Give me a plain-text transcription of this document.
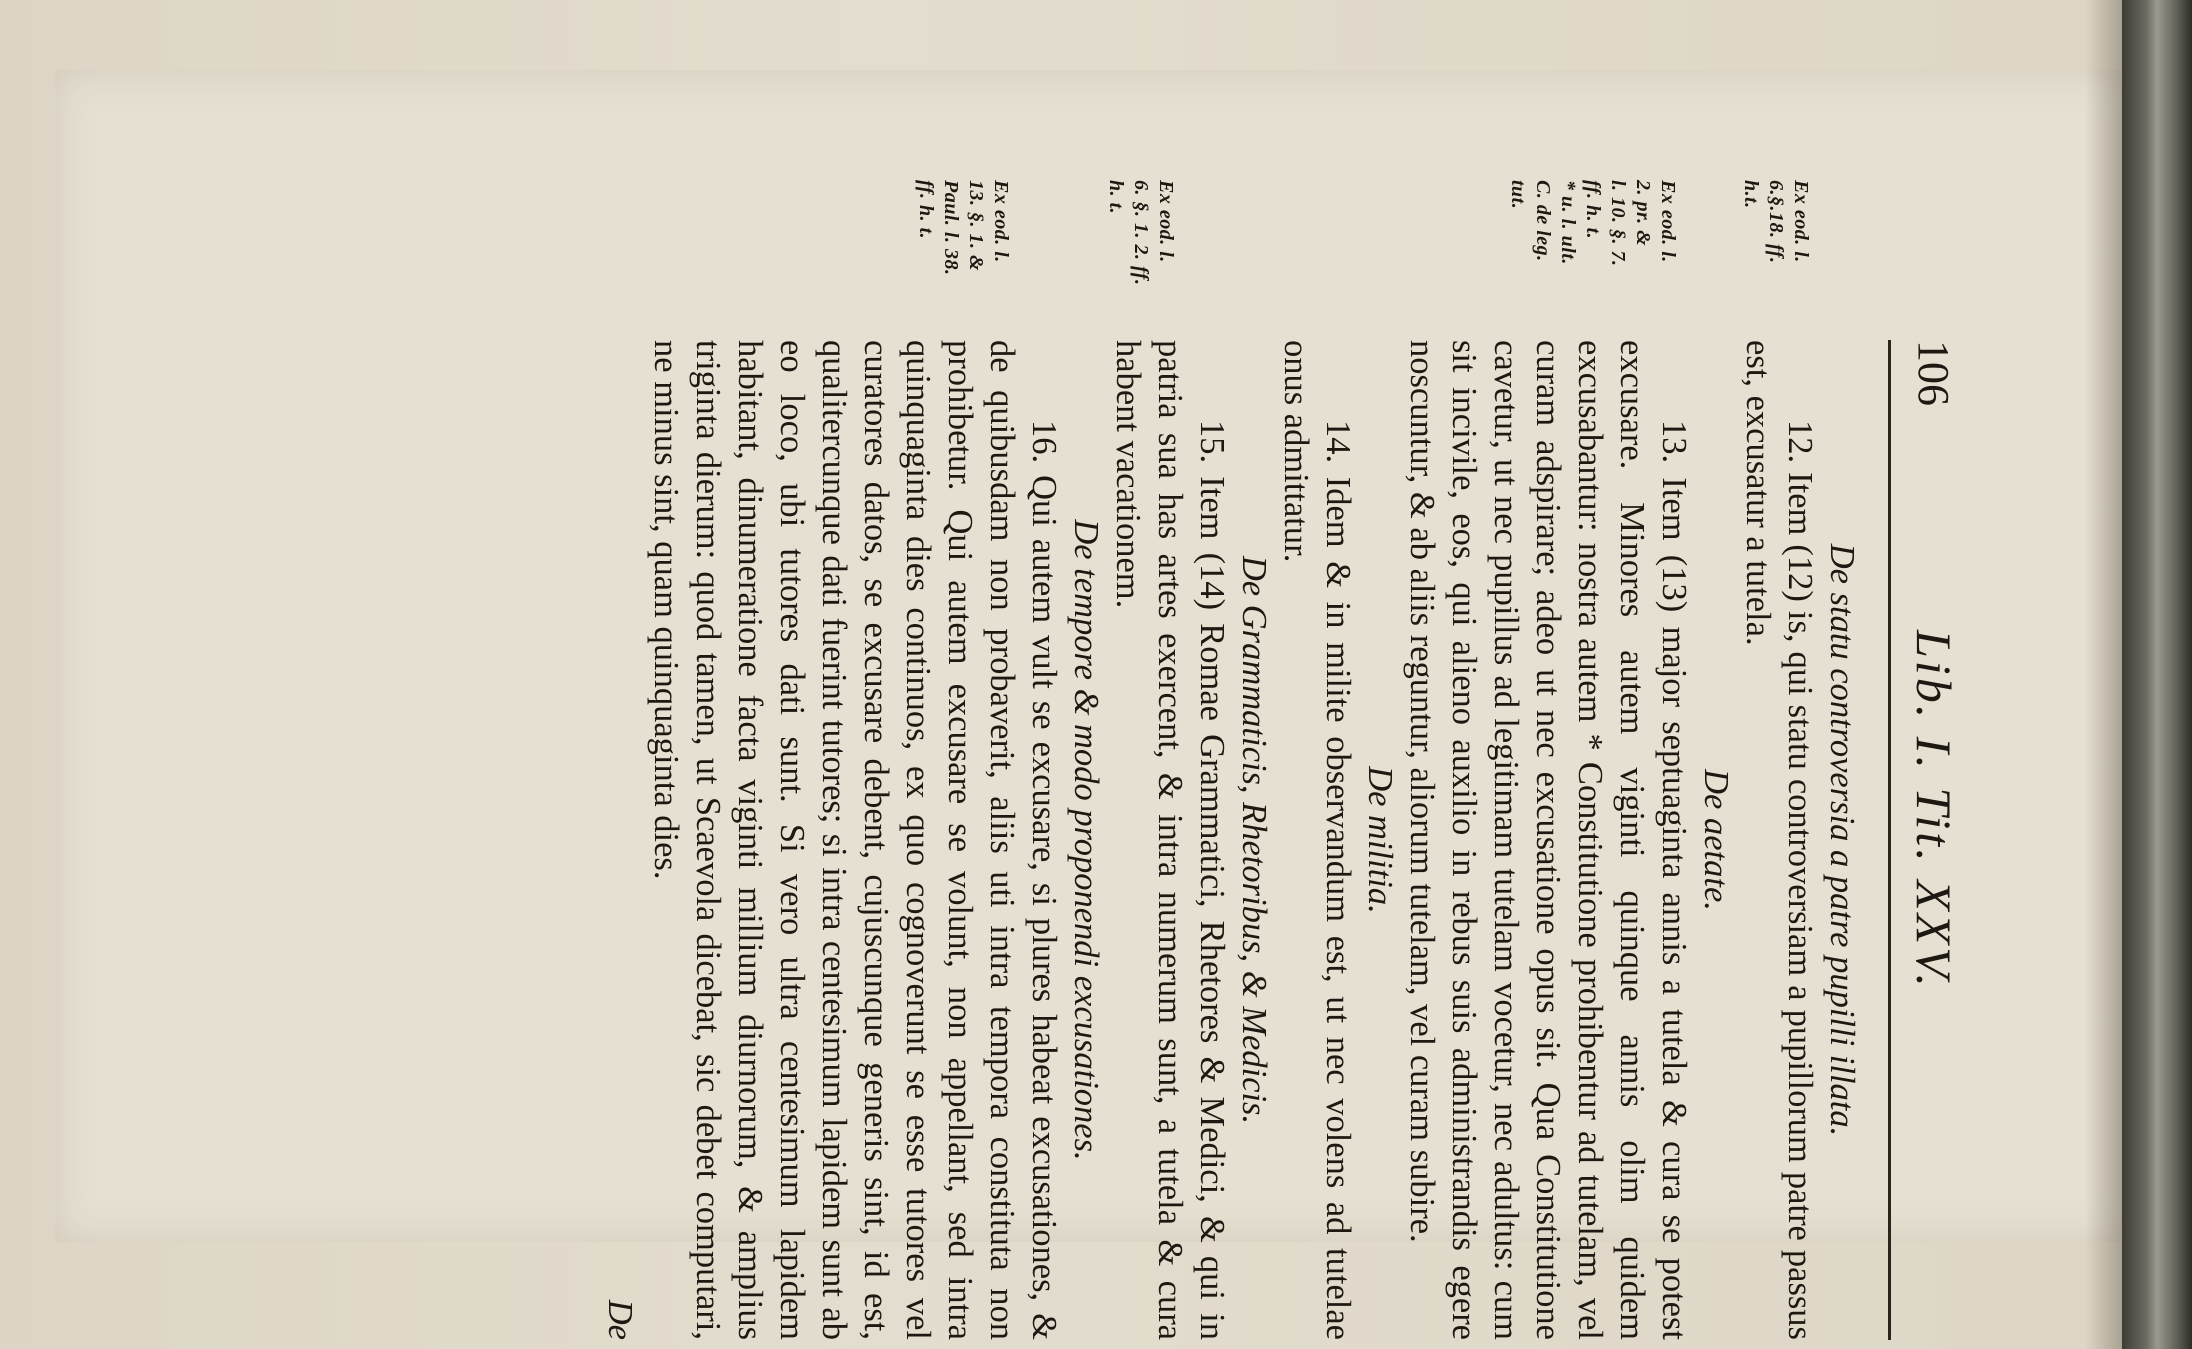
106
Lib. I. Tit. XXV.
Ex eod. l.
6.§.18. ff.
h.t.
Ex eod. l.
2. pr. &
l. 10. §. 7.
ff. h. t.
* u. l. ult.
C. de leg.
tut.
Ex eod. l.
6. §. 1. 2. ff.
h. t.
Ex eod. l.
13. §. 1. &
Paul. l. 38.
ff. h. t.

De statu controversia a patre pupilli illata.

12. Item (12) is, qui statu controversiam a pupillorum patre passus est, excusatur a tutela.

De aetate.

13. Item (13) major septuaginta annis a tutela & cura se potest excusare. Minores autem viginti quinque annis olim quidem excusabantur: nostra autem * Constitutione prohibentur ad tutelam, vel curam adspirare; adeo ut nec excusatione opus sit. Qua Constitutione cavetur, ut nec pupillus ad legitimam tutelam vocetur, nec adultus: cum sit incivile, eos, qui alieno auxilio in rebus suis administrandis egere noscuntur, & ab aliis reguntur, aliorum tutelam, vel curam subire.

De militia.

14. Idem & in milite observandum est, ut nec volens ad tutelae onus admittatur.

De Grammaticis, Rhetoribus, & Medicis.

15. Item (14) Romae Grammatici, Rhetores & Medici, & qui in patria sua has artes exercent, & intra numerum sunt, a tutela & cura habent vacationem.

De tempore & modo proponendi excusationes.

16. Qui autem vult se excusare, si plures habeat excusationes, & de quibusdam non probaverit, aliis uti intra tempora constituta non prohibetur. Qui autem excusare se volunt, non appellant, sed intra quinquaginta dies continuos, ex quo cognoverunt se esse tutores vel curatores datos, se excusare debent, cujuscunque generis sint, id est, qualitercunque dati fuerint tutores; si intra centesimum lapidem sunt ab eo loco, ubi tutores dati sunt. Si vero ultra centesimum lapidem habitant, dinumeratione facta viginti millium diurnorum, & amplius triginta dierum: quod tamen, ut Scaevola dicebat, sic debet computari, ne minus sint, quam quinquaginta dies.

De
